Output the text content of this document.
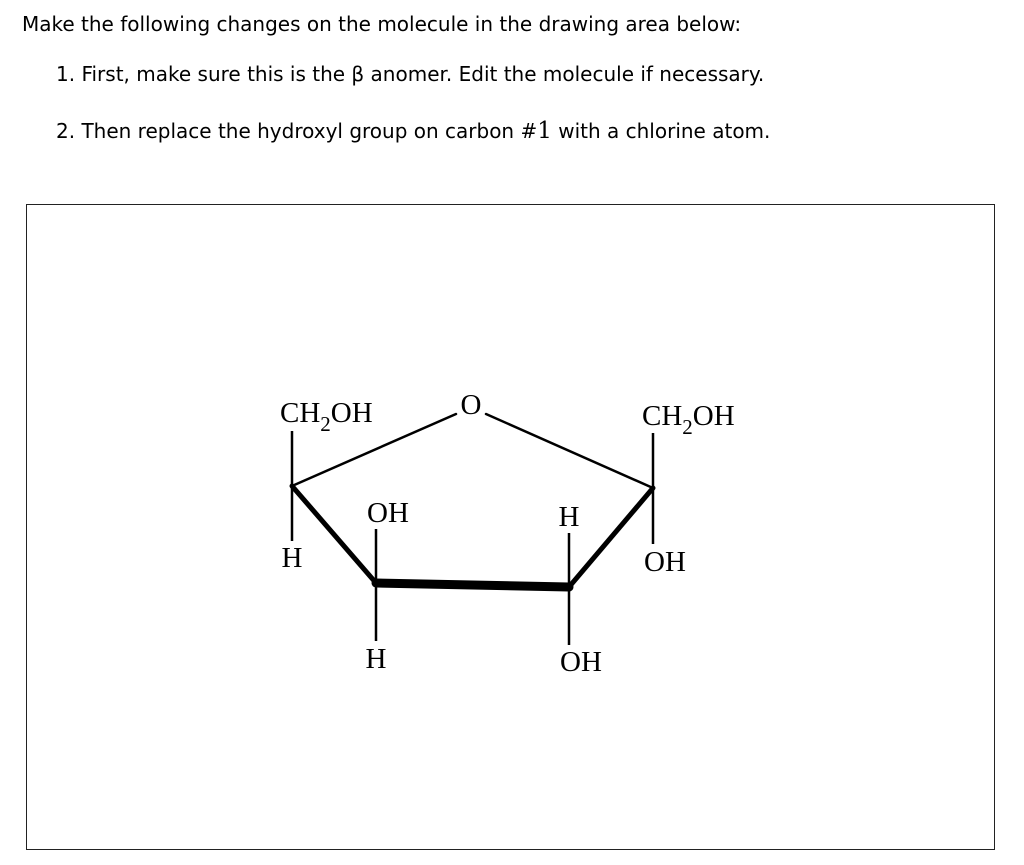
Make the following changes on the molecule in the drawing area below:

1. First, make sure this is the β anomer. Edit the molecule if necessary.
2. Then replace the hydroxyl group on carbon #1 with a chlorine atom.
O
$CH_2OH$
H
OH
H
H
OH
$CH_2OH$
OH
